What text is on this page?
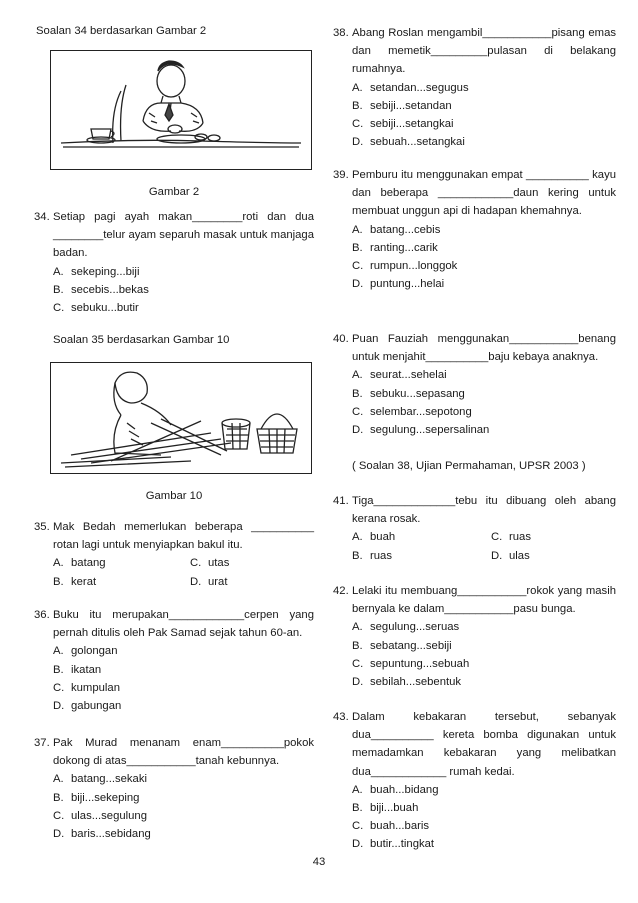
Soalan 34 berdasarkan Gambar 2
Gambar 2
34. Setiap pagi ayah makan________roti dan dua ________telur ayam separuh masak untuk manjaga badan.
A. sekeping...biji
B. secebis...bekas
C. sebuku...butir
Soalan 35 berdasarkan Gambar 10
Gambar 10
35. Mak Bedah memerlukan beberapa __________ rotan lagi untuk menyiapkan bakul itu.
A. batang	C. utas
B. kerat	D. urat
36. Buku itu merupakan____________cerpen yang pernah ditulis oleh Pak Samad sejak tahun 60-an.
A. golongan
B. ikatan
C. kumpulan
D. gabungan
37. Pak Murad menanam enam__________pokok dokong di atas___________tanah kebunnya.
A. batang...sekaki
B. biji...sekeping
C. ulas...segulung
D. baris...sebidang
38. Abang Roslan mengambil___________pisang emas dan memetik_________pulasan di belakang rumahnya.
A. setandan...segugus
B. sebiji...setandan
C. sebiji...setangkai
D. sebuah...setangkai
39. Pemburu itu menggunakan empat __________ kayu dan beberapa ____________daun kering untuk membuat unggun api di hadapan khemahnya.
A. batang...cebis
B. ranting...carik
C. rumpun...longgok
D. puntung...helai
40. Puan Fauziah menggunakan___________benang untuk menjahit__________baju kebaya anaknya.
A. seurat...sehelai
B. sebuku...sepasang
C. selembar...sepotong
D. segulung...sepersalinan
( Soalan 38, Ujian Permahaman, UPSR 2003 )
41. Tiga_____________tebu itu dibuang oleh abang kerana rosak.
A. buah	C. ruas
B. ruas	D. ulas
42. Lelaki itu membuang___________rokok yang masih bernyala ke dalam___________pasu bunga.
A. segulung...seruas
B. sebatang...sebiji
C. sepuntung...sebuah
D. sebilah...sebentuk
43. Dalam kebakaran tersebut, sebanyak dua__________ kereta bomba digunakan untuk memadamkan kebakaran yang melibatkan dua____________ rumah kedai.
A. buah...bidang
B. biji...buah
C. buah...baris
D. butir...tingkat
43
